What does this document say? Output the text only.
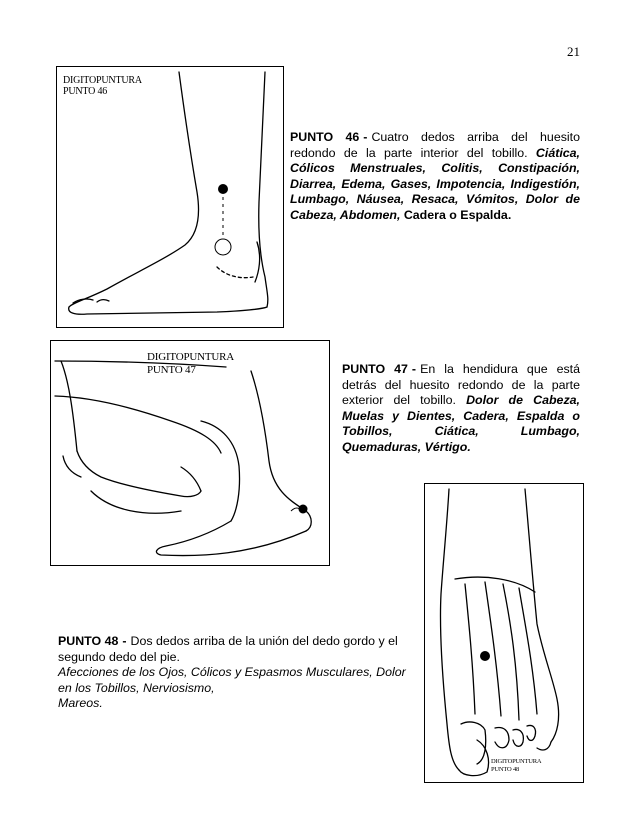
21
DIGITOPUNTURA
PUNTO 46
DIGITOPUNTURA
PUNTO 47
DIGITOPUNTURA
PUNTO 48
PUNTO 46 - Cuatro dedos arriba del huesito redondo de la parte interior del tobillo. Ciática, Cólicos Menstruales, Colitis, Constipación, Diarrea, Edema, Gases, Impotencia, Indigestión, Lumbago, Náusea, Resaca, Vómitos, Dolor de Cabeza, Abdomen, Cadera o Espalda.
PUNTO 47 - En la hendidura que está detrás del huesito redondo de la parte exterior del tobillo. Dolor de Cabeza, Muelas y Dientes, Cadera, Espalda o Tobillos, Ciática, Lumbago, Quemaduras, Vértigo.
PUNTO 48 - Dos dedos arriba de la unión del dedo gordo y el segundo dedo del pie.
Afecciones de los Ojos, Cólicos y Espasmos Musculares, Dolor en los Tobillos, Nerviosismo,
Mareos.
